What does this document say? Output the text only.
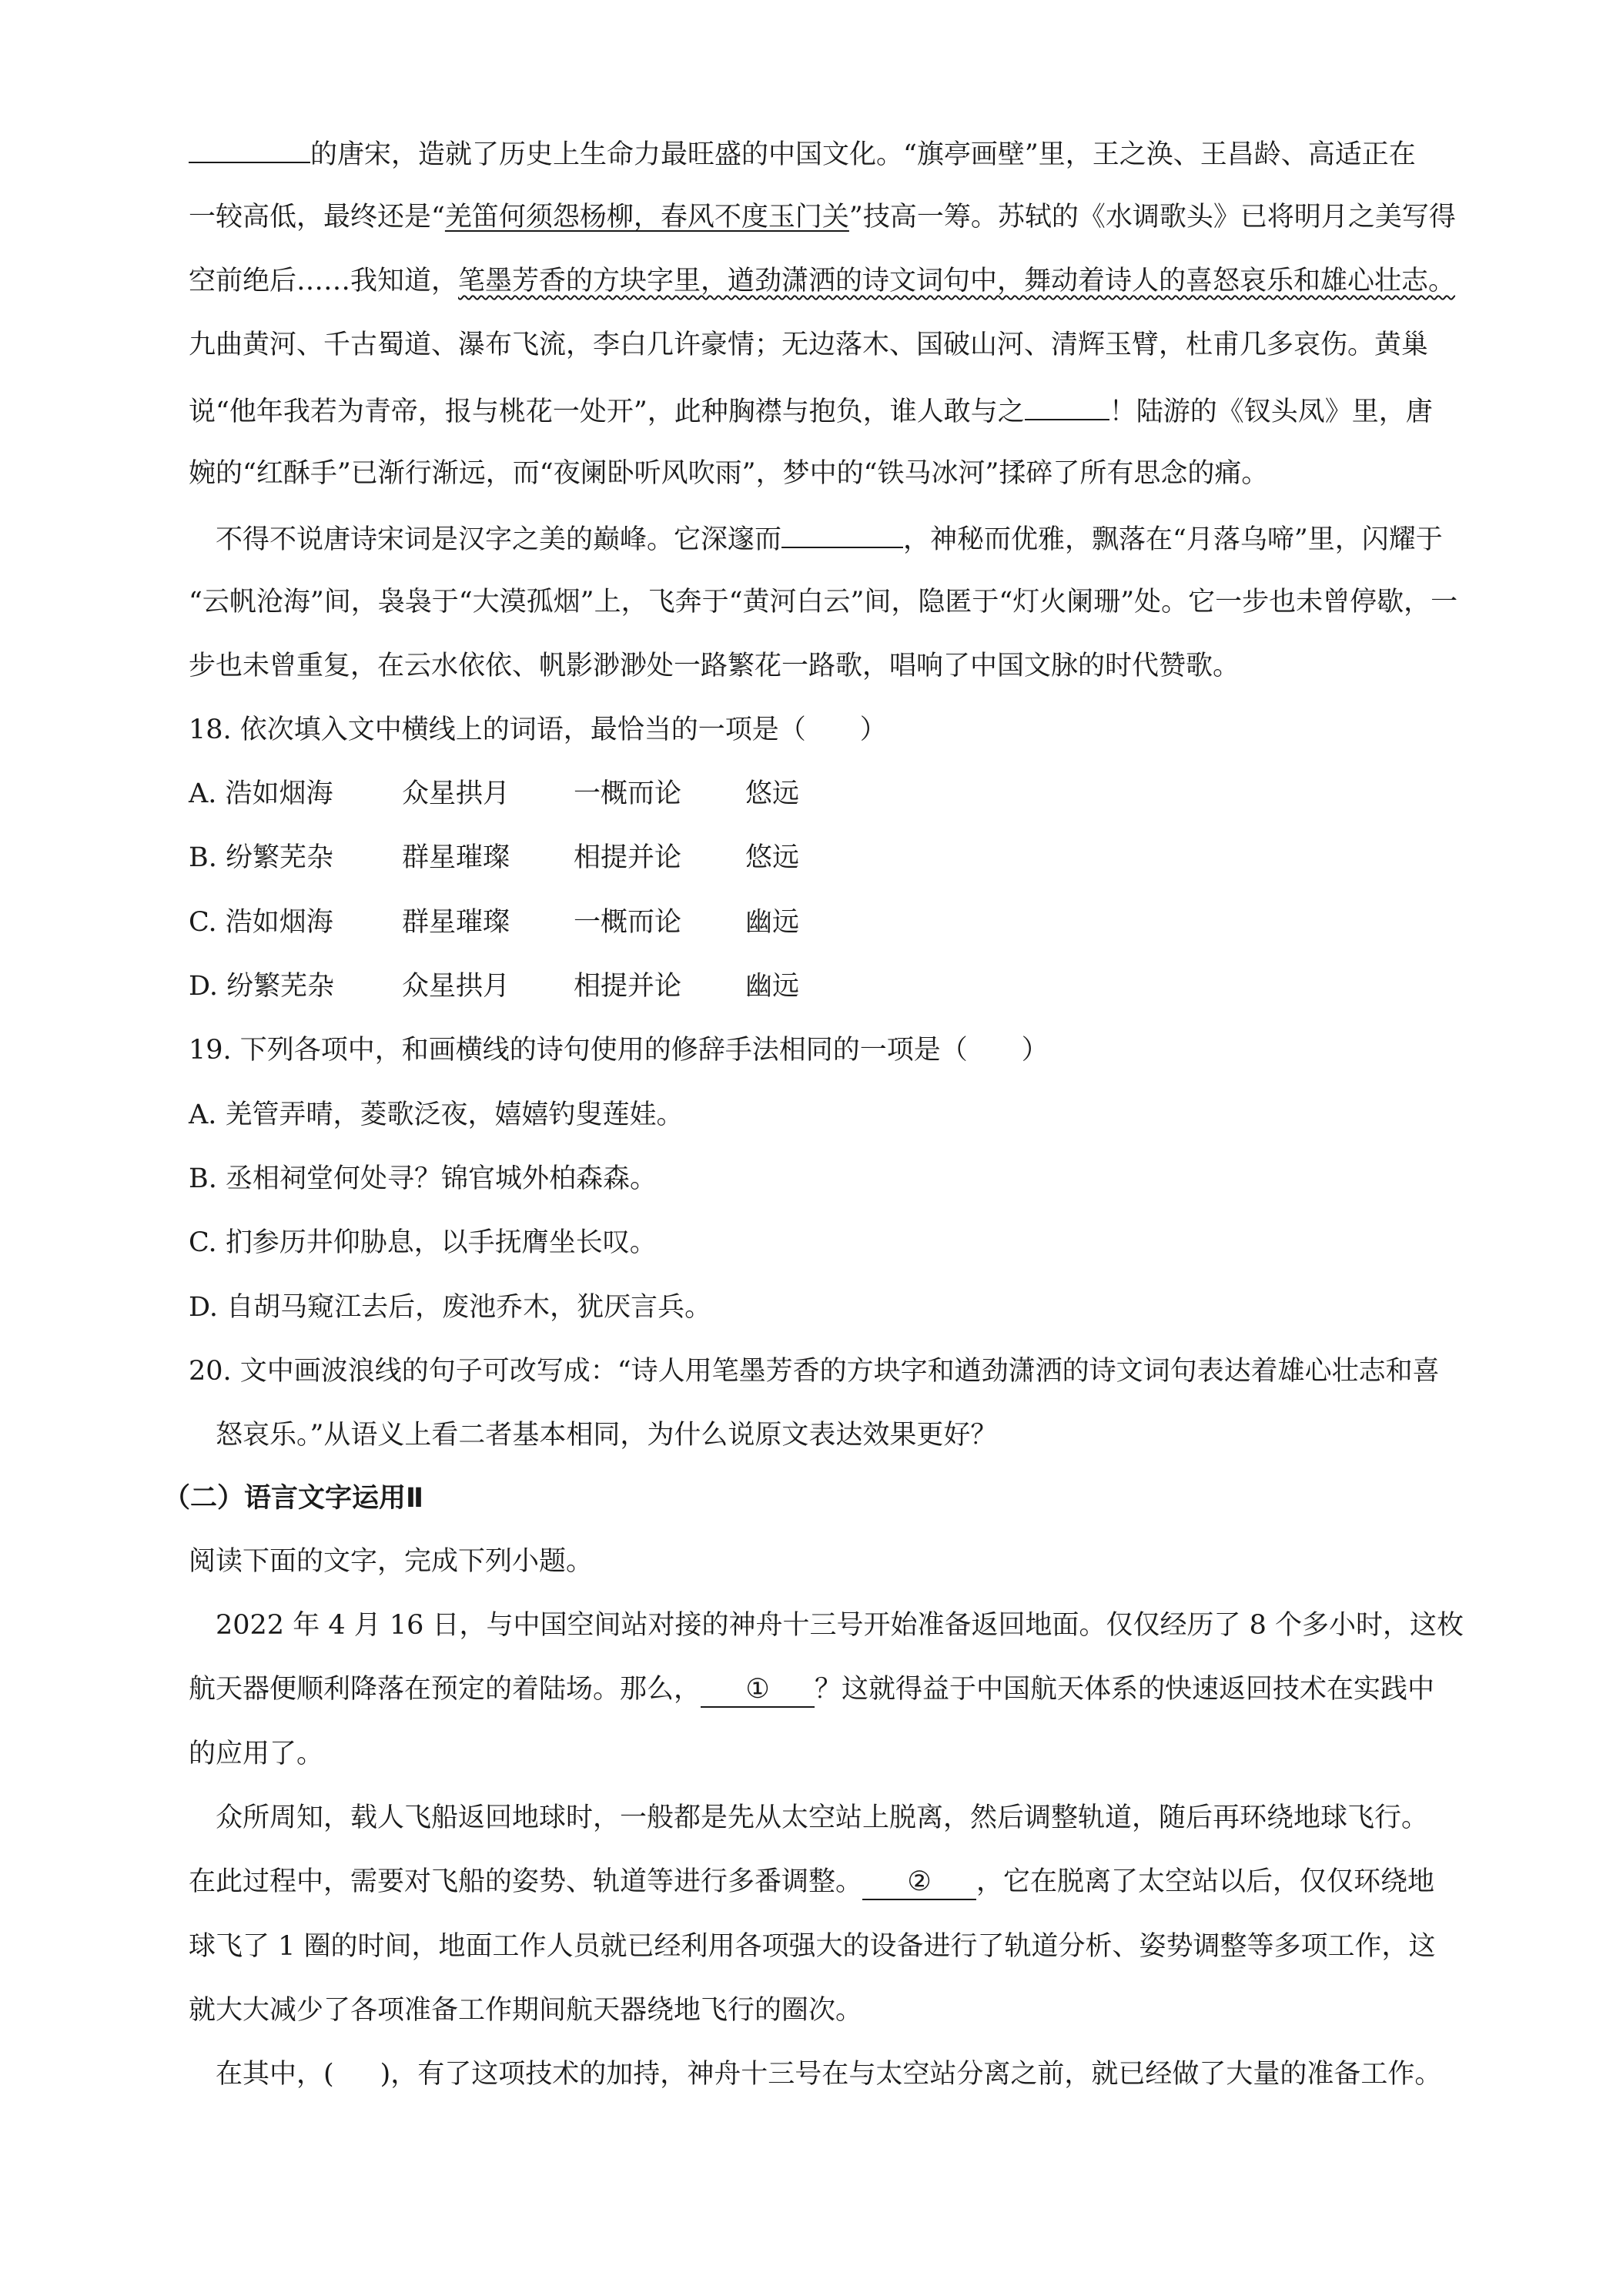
的唐宋，造就了历史上生命力最旺盛的中国文化。“旗亭画壁”里，王之涣、王昌龄、高适正在
一较高低，最终还是“羌笛何须怨杨柳，春风不度玉门关”技高一筹。苏轼的《水调歌头》已将明月之美写得
空前绝后……我知道，笔墨芳香的方块字里，遒劲潇洒的诗文词句中，舞动着诗人的喜怒哀乐和雄心壮志。
九曲黄河、千古蜀道、瀑布飞流，李白几许豪情；无边落木、国破山河、清辉玉臂，杜甫几多哀伤。黄巢
说“他年我若为青帝，报与桃花一处开”，此种胸襟与抱负，谁人敢与之	！陆游的《钗头凤》里，唐
婉的“红酥手”已渐行渐远，而“夜阑卧听风吹雨”，梦中的“铁马冰河”揉碎了所有思念的痛。
不得不说唐诗宋词是汉字之美的巅峰。它深邃而	，神秘而优雅，飘落在“月落乌啼”里，闪耀于
“云帆沧海”间，袅袅于“大漠孤烟”上，飞奔于“黄河白云”间，隐匿于“灯火阑珊”处。它一步也未曾停歇，一
步也未曾重复，在云水依依、帆影渺渺处一路繁花一路歌，唱响了中国文脉的时代赞歌。
18. 依次填入文中横线上的词语，最恰当的一项是（ ）
A. 浩如烟海	众星拱月 一概而论 悠远
B. 纷繁芜杂	群星璀璨 相提并论 悠远
C. 浩如烟海	群星璀璨 一概而论 幽远
D. 纷繁芜杂	众星拱月 相提并论 幽远
19. 下列各项中，和画横线的诗句使用的修辞手法相同的一项是（ ）
A. 羌管弄晴，菱歌泛夜，嬉嬉钓叟莲娃。
B. 丞相祠堂何处寻？锦官城外柏森森。
C. 扪参历井仰胁息，以手抚膺坐长叹。
D. 自胡马窥江去后，废池乔木，犹厌言兵。
20. 文中画波浪线的句子可改写成：“诗人用笔墨芳香的方块字和遒劲潇洒的诗文词句表达着雄心壮志和喜
怒哀乐。”从语义上看二者基本相同，为什么说原文表达效果更好？
（二）语言文字运用Ⅱ
阅读下面的文字，完成下列小题。
2022 年 4 月 16 日，与中国空间站对接的神舟十三号开始准备返回地面。仅仅经历了 8 个多小时，这枚
航天器便顺利降落在预定的着陆场。那么， ① ？这就得益于中国航天体系的快速返回技术在实践中
的应用了。
众所周知，载人飞船返回地球时，一般都是先从太空站上脱离，然后调整轨道，随后再环绕地球飞行。
在此过程中，需要对飞船的姿势、轨道等进行多番调整。 ② ，它在脱离了太空站以后，仅仅环绕地
球飞了 1 圈的时间，地面工作人员就已经利用各项强大的设备进行了轨道分析、姿势调整等多项工作，这
就大大减少了各项准备工作期间航天器绕地飞行的圈次。
在其中，( )，有了这项技术的加持，神舟十三号在与太空站分离之前，就已经做了大量的准备工作。
